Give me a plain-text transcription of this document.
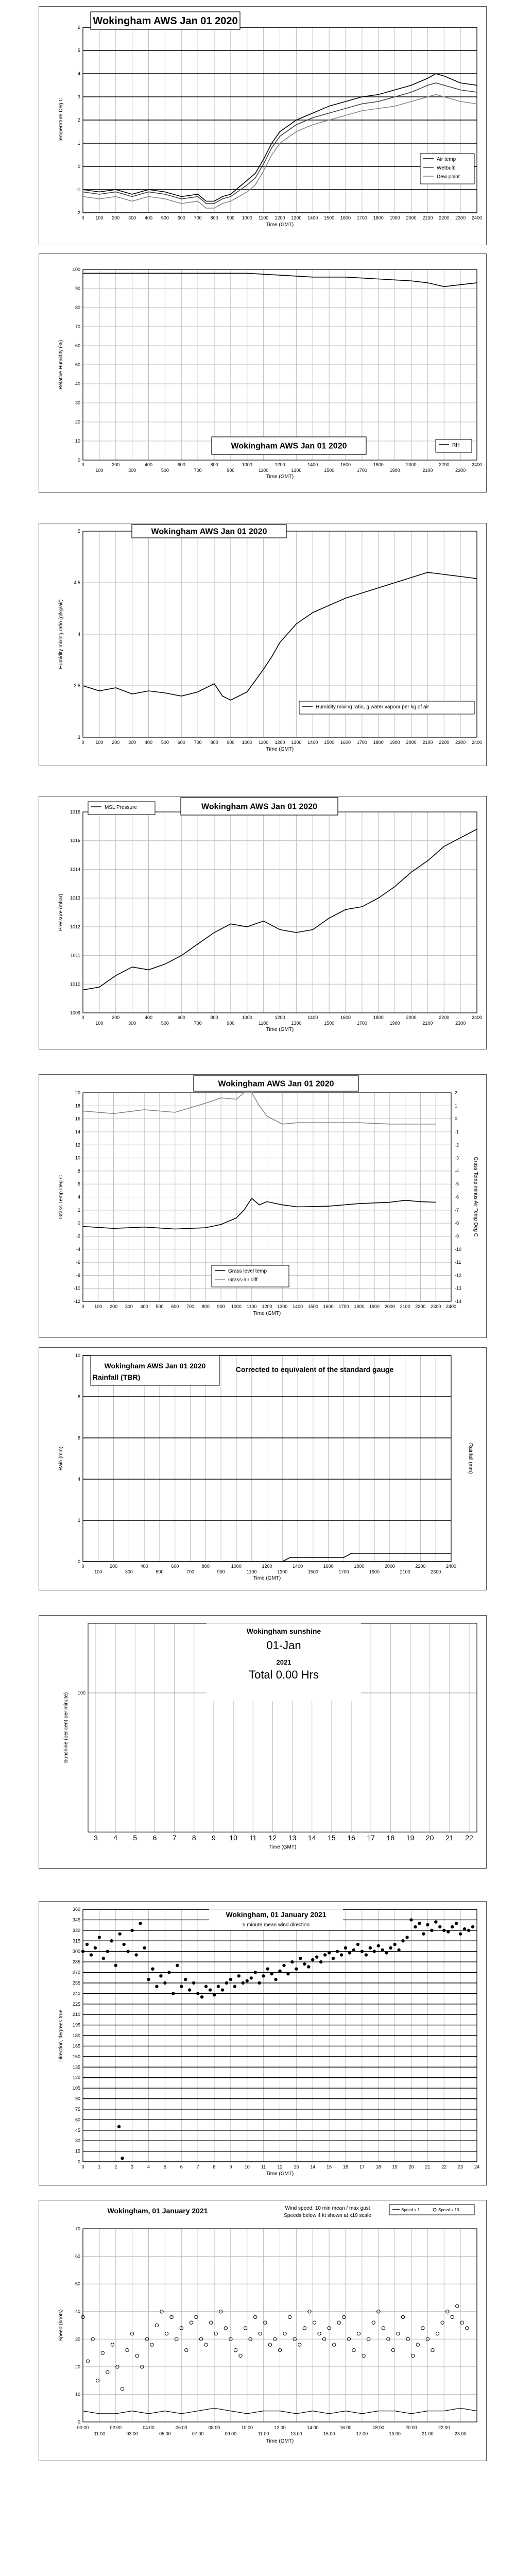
-2
-1
0
1
2
3
4
5
6
0 100 200 300 400 500 600 700 800 900 1000 1100 1200 1300 1400 1500 1600 1700 1800 1900 2000 2100 2200 2300 2400
Time (GMT)
Temperature Deg C
Wokingham AWS Jan 01 2020
Air temp
Wetbulb
Dew point
0
10
20
30
40
50
60
70
80
90
100
0	200	400	600	800	1000	1200	1400	1600	1800	2000	2200	2400
100	300	500	700	900	1100	1300	1500	1700	1900	2100	2300
Time (GMT)
Relative Humidity (%)
Wokingham AWS Jan 01 2020	RH
3
3.5
4
4.5
5
0 100 200 300 400 500 600 700 800 900 1000 1100 1200 1300 1400 1500 1600 1700 1800 1900 2000 2100 2200 2300 2400
Time (GMT)
Humidity mixing ratio (g/kg/air)
Wokingham AWS Jan 01 2020
Humidity mixing ratio, g water vapour per kg of air
1009
1010
1011
1012
1013
1014
1015
1016
0	200	400	600	800	1000	1200	1400	1600	1800	2000	2200	2400
100	300	500	700	900	1100	1300	1500	1700	1900	2100	2300
Time (GMT)
Pressure (mbar)
MSL Pressure	Wokingham AWS Jan 01 2020
-12
-10
-8
-6
-4
-2
0
2
4
6
8
10
12
14
16
18
20
0 100 200 300 400 500 600 700 800 900 1000 1100 1200 1300 1400 1500 1600 1700 1800 1900 2000 2100 2200 2300 2400
Time (GMT)
Grass Temp Deg C
-14
-13
-12
-11
-10
-9
-8
-7
-6
-5
-4
-3
-2
-1
0
1
2
Grass Temp minus Air Temp Deg C
Wokingham AWS Jan 01 2020
Grass level temp
Grass-air diff
0
2
4
6
8
10
0	200	400	600	800	1000	1200	1400	1600	1800	2000	2200	2400
100	300	500	700	900	1100	1300	1500	1700	1900	2100	2300
Time (GMT)
Rain (mm)	Rainfall (mm)
Wokingham AWS Jan 01 2020
Rainfall (TBR)
Corrected to equivalent of the standard gauge
3 4 5 6 7 8 9 10 11 12 13 14 15 16 17 18 19 20 21 22
100
Wokingham sunshine
01-Jan
2021
Total 0.00 Hrs
Time (GMT)
Sunshine (per cent per minute)
0
15
30
45
60
75
90
105
120
135
150
165
180
195
210
225
240
255
270
285
300
315
330
345
360
0	1	2	3	4	5	6	7	8	9	10 11 12 13 14 15 16 17 18 19 20 21 22 23 24
Time (GMT)
Direction, degrees true
Wokingham, 01 January 2021
5 minute mean wind direction
0
10
20
30
40
50
60
70
00:00	02:00	04:00	06:00	08:00	10:00	12:00	14:00	16:00	18:00	20:00	22:00
01:00	03:00	05:00	07:00	09:00	11:00	13:00	15:00	17:00	19:00	21:00	23:00
Time (GMT)
Speed (knots)
Wokingham, 01 January 2021	Wind speed, 10 min mean / max gust
Speeds below 4 kt shown at x10 scale
Speed x 1	Speed x 10
